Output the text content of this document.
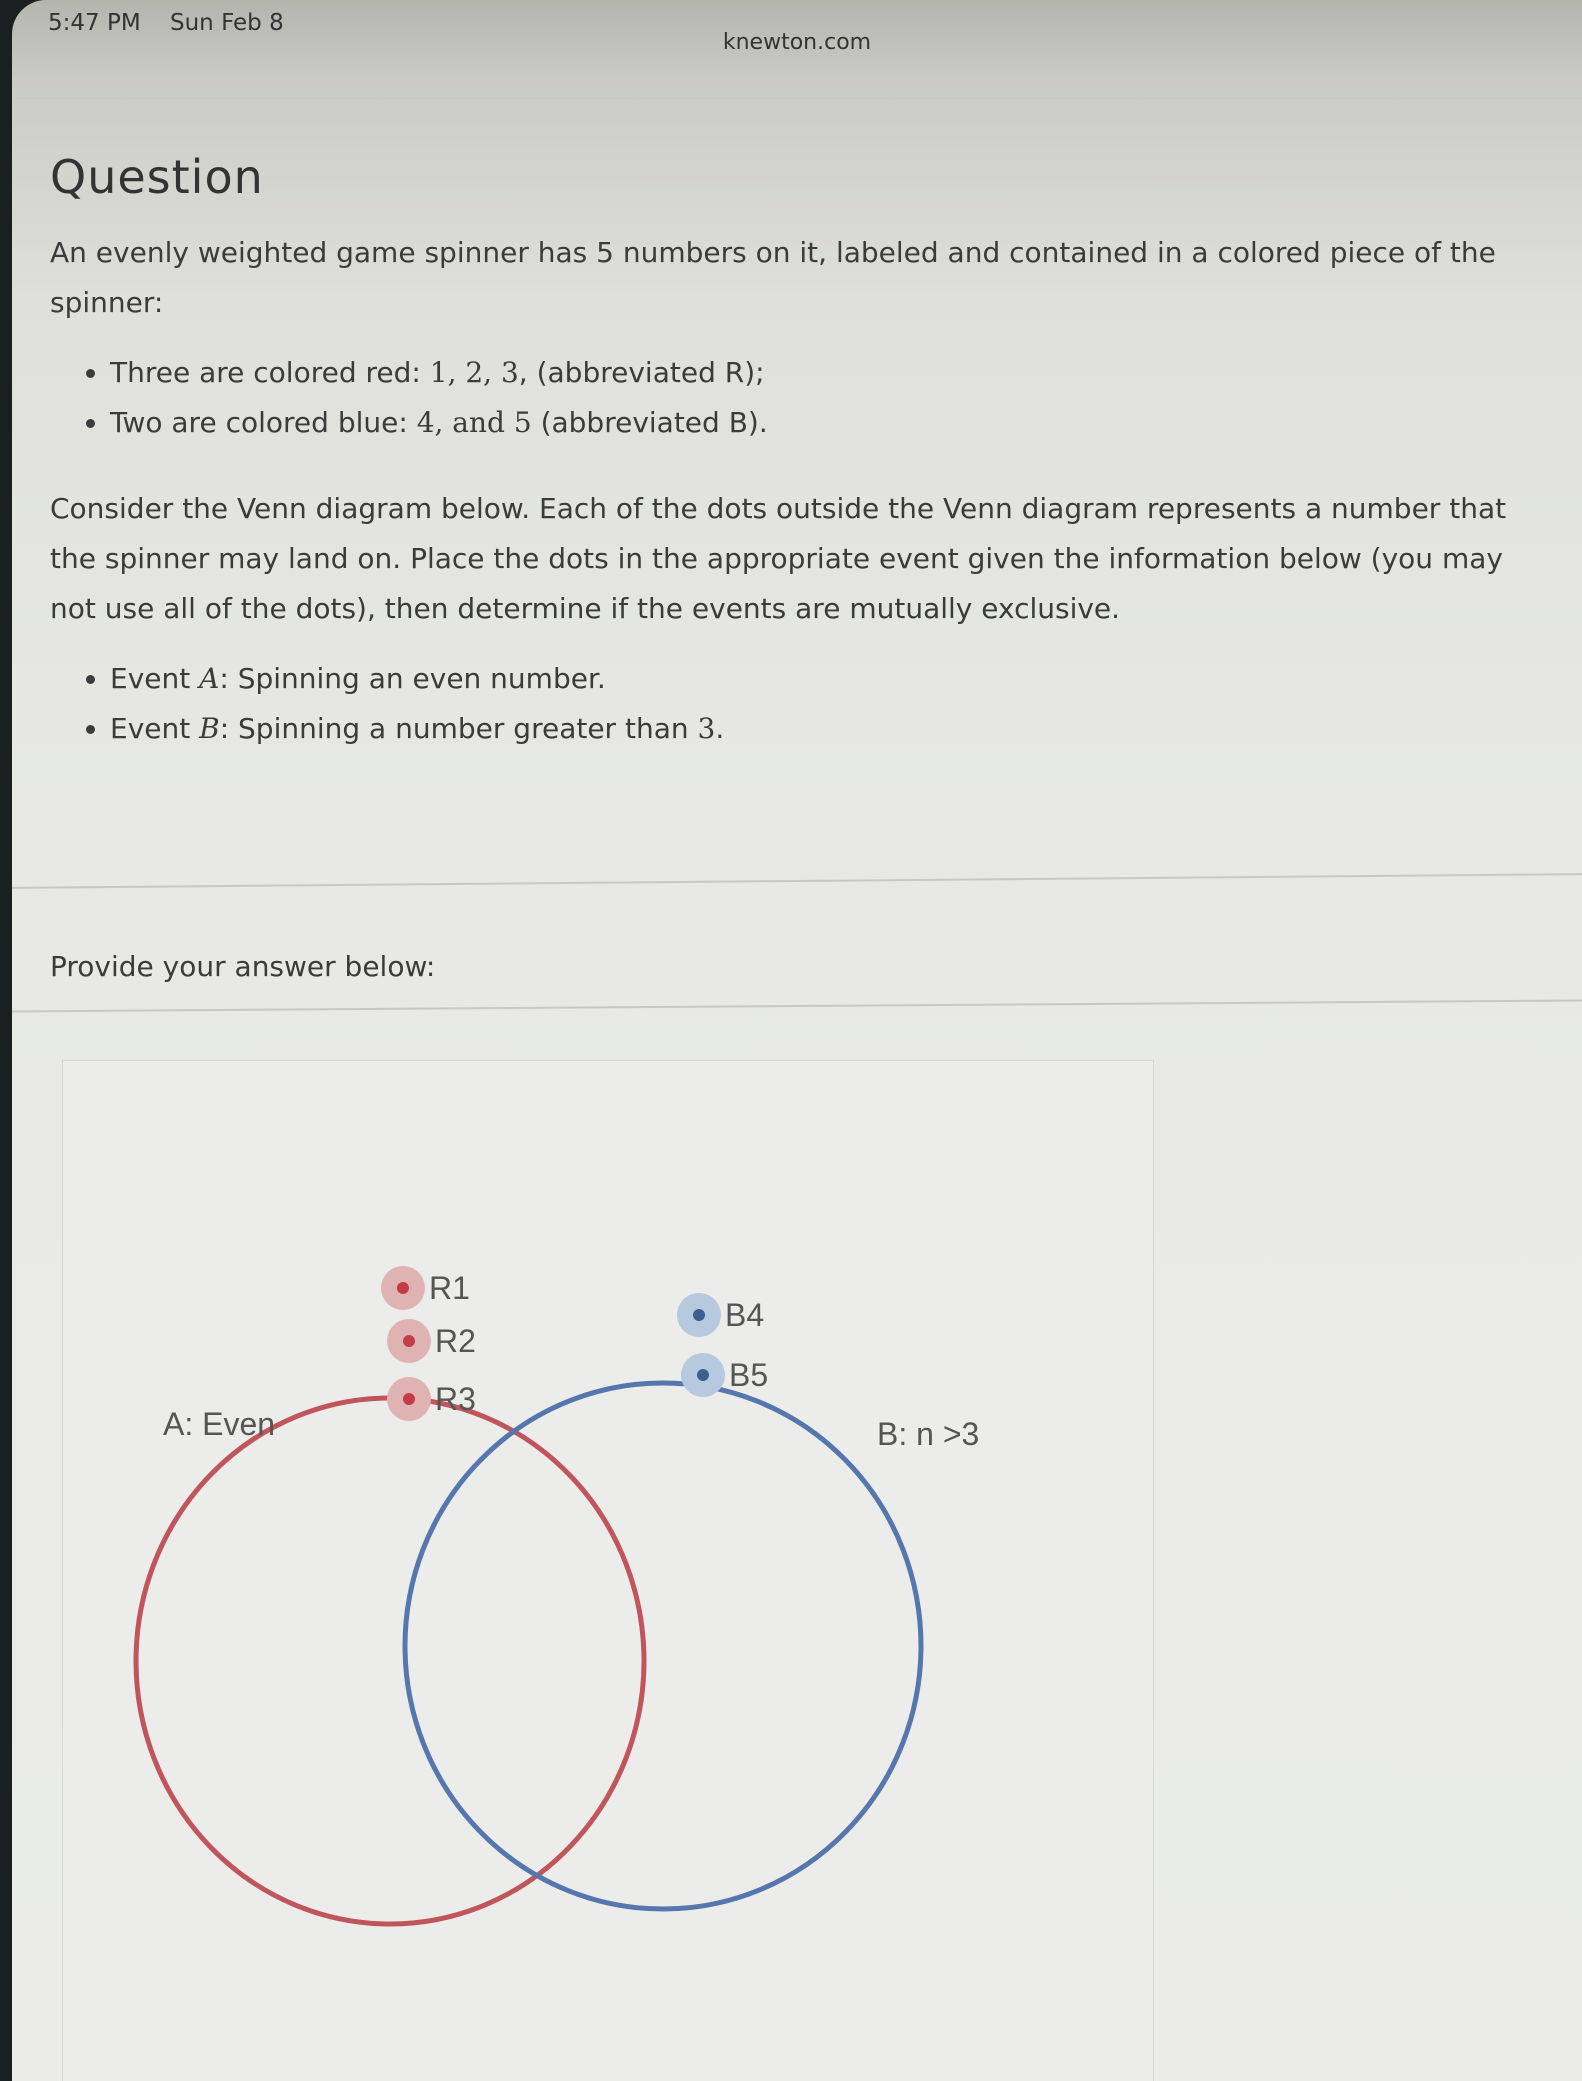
5:47 PM Sun Feb 8
knewton.com
Question

An evenly weighted game spinner has 5 numbers on it, labeled and contained in a colored piece of the spinner:

• Three are colored red: 1, 2, 3, (abbreviated R);
• Two are colored blue: 4, and 5 (abbreviated B).

Consider the Venn diagram below. Each of the dots outside the Venn diagram represents a number that the spinner may land on. Place the dots in the appropriate event given the information below (you may not use all of the dots), then determine if the events are mutually exclusive.

• Event A: Spinning an even number.
• Event B: Spinning a number greater than 3.
Provide your answer below:
A: Even	B: n >3
R1
R2
R3
B4
B5
